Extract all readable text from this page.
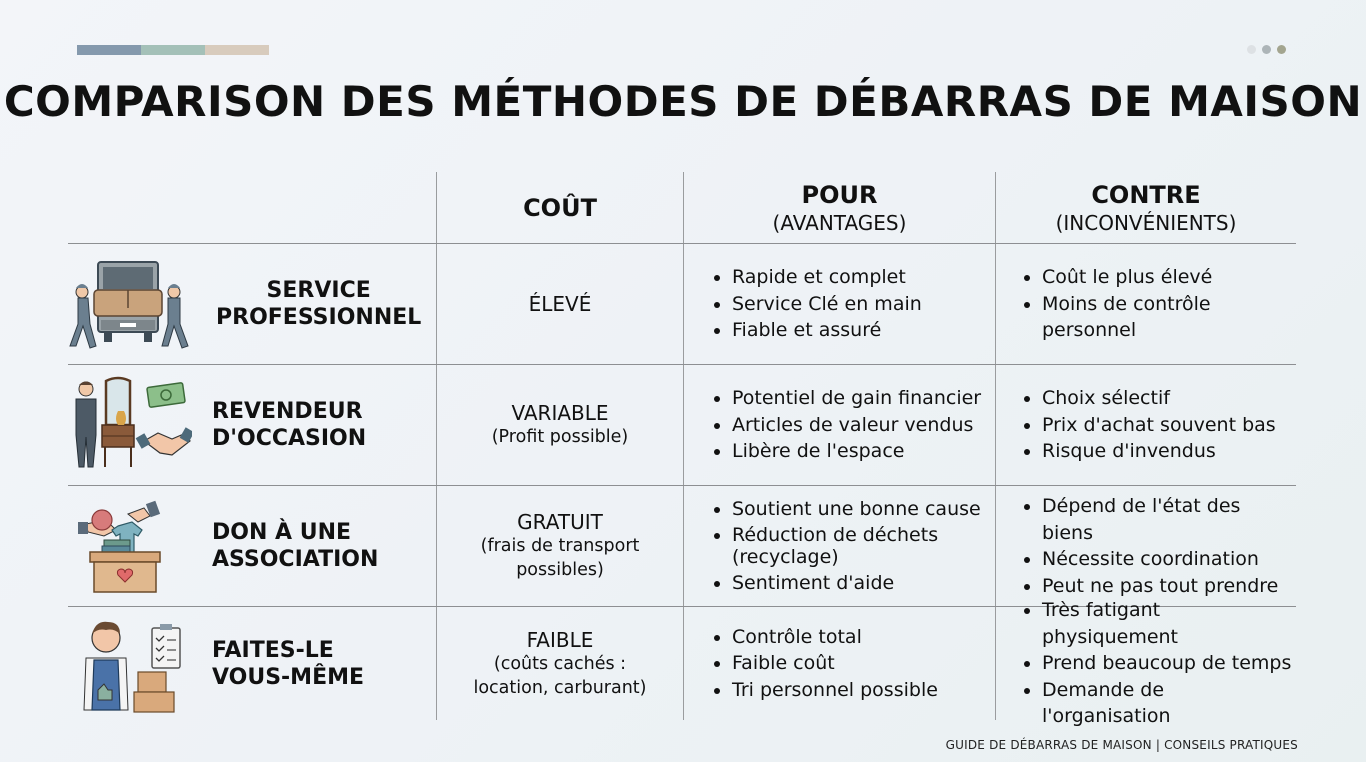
COMPARISON DES MÉTHODES DE DÉBARRAS DE MAISON
COÛT	POUR
(AVANTAGES)
CONTRE
(INCONVÉNIENTS)
SERVICE
PROFESSIONNEL
ÉLEVÉ
Rapide et complet
Service Clé en main
Fiable et assuré
Coût le plus élevé
Moins de contrôle personnel
REVENDEUR
D'OCCASION
VARIABLE
(Profit possible)
Potentiel de gain financier
Articles de valeur vendus
Libère de l'espace
Choix sélectif
Prix d'achat souvent bas
Risque d'invendus
DON À UNE
ASSOCIATION
GRATUIT
(frais de transport possibles)
Soutient une bonne cause
Réduction de déchets (recyclage)
Sentiment d'aide
Dépend de l'état des biens
Nécessite coordination
Peut ne pas tout prendre
FAITES-LE
VOUS-MÊME
FAIBLE
(coûts cachés : location, carburant)
Contrôle total
Faible coût
Tri personnel possible
Très fatigant physiquement
Prend beaucoup de temps
Demande de l'organisation
GUIDE DE DÉBARRAS DE MAISON | CONSEILS PRATIQUES
